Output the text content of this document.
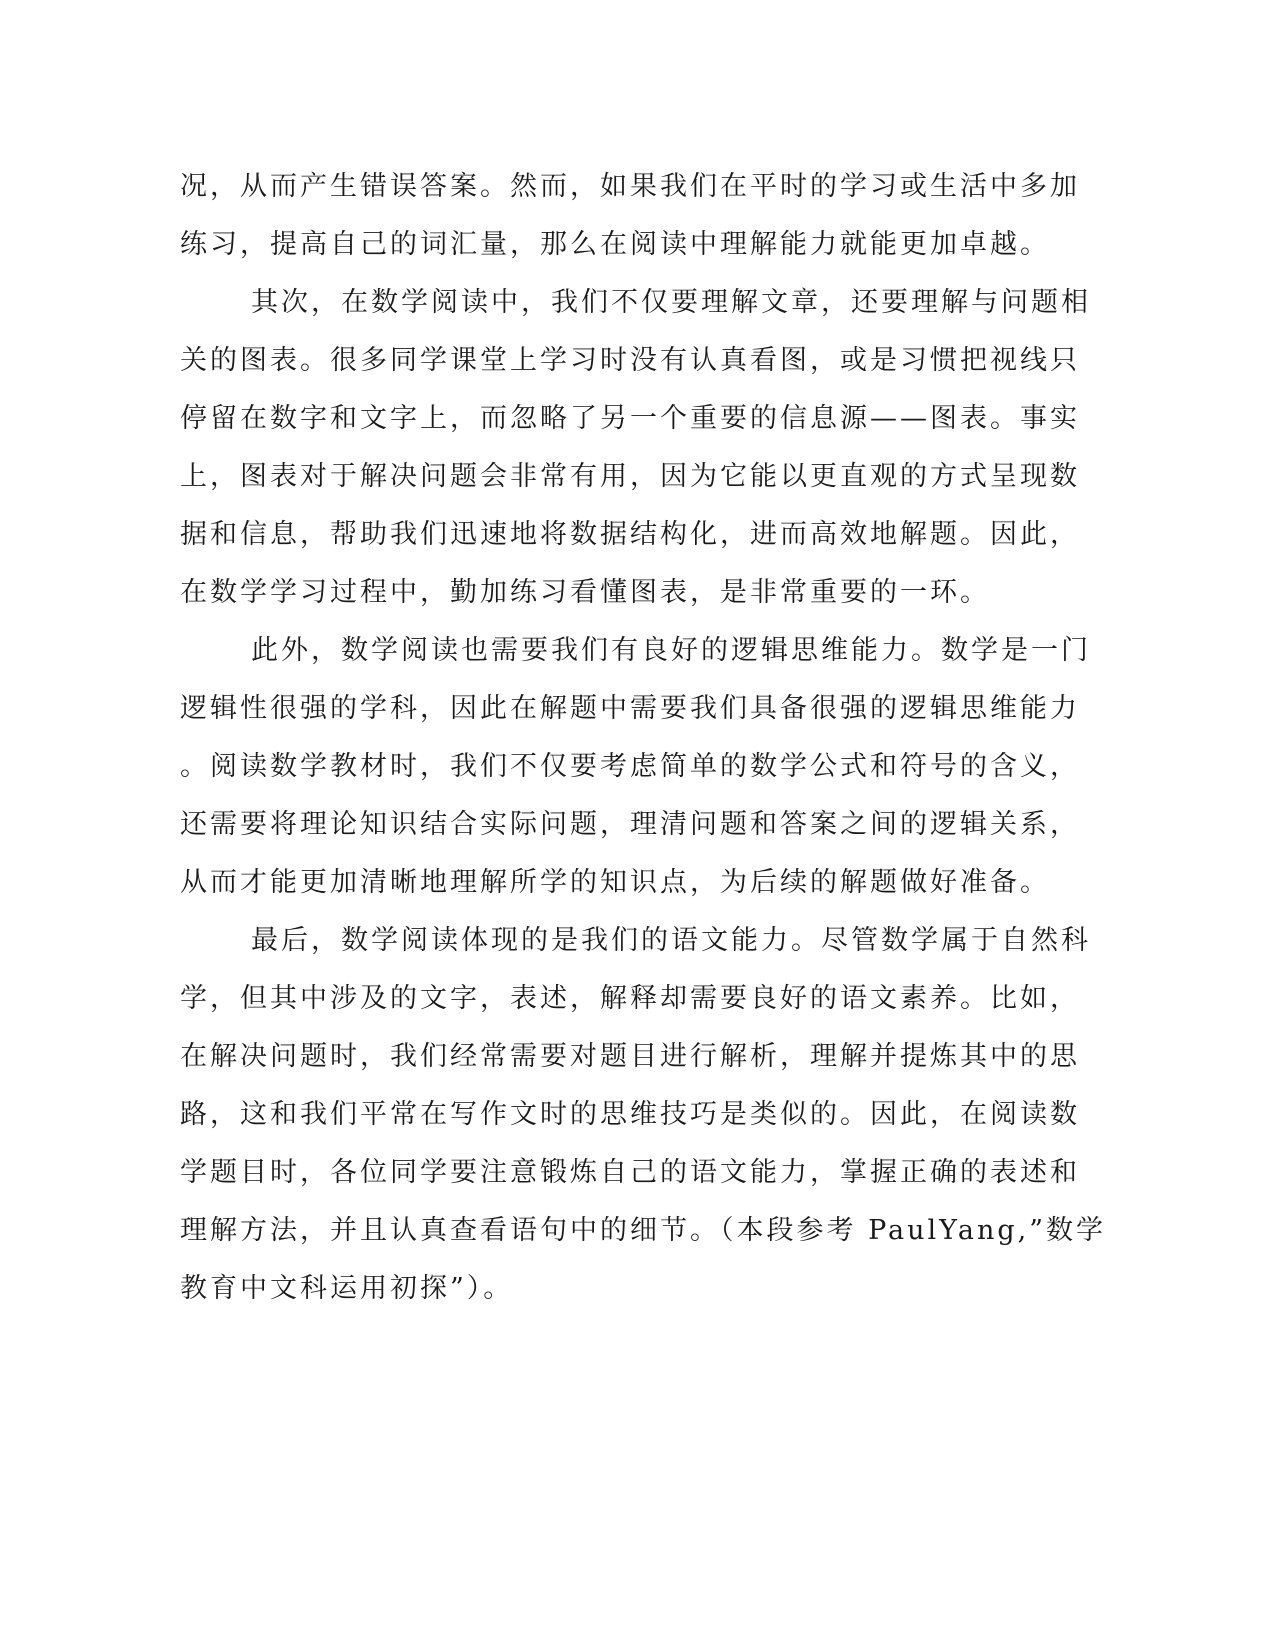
况，从而产生错误答案。然而，如果我们在平时的学习或生活中多加
练习，提高自己的词汇量，那么在阅读中理解能力就能更加卓越。
其次，在数学阅读中，我们不仅要理解文章，还要理解与问题相
关的图表。很多同学课堂上学习时没有认真看图，或是习惯把视线只
停留在数字和文字上，而忽略了另一个重要的信息源——图表。事实
上，图表对于解决问题会非常有用，因为它能以更直观的方式呈现数
据和信息，帮助我们迅速地将数据结构化，进而高效地解题。因此，
在数学学习过程中，勤加练习看懂图表，是非常重要的一环。
此外，数学阅读也需要我们有良好的逻辑思维能力。数学是一门
逻辑性很强的学科，因此在解题中需要我们具备很强的逻辑思维能力
。阅读数学教材时，我们不仅要考虑简单的数学公式和符号的含义，
还需要将理论知识结合实际问题，理清问题和答案之间的逻辑关系，
从而才能更加清晰地理解所学的知识点，为后续的解题做好准备。
最后，数学阅读体现的是我们的语文能力。尽管数学属于自然科
学，但其中涉及的文字，表述，解释却需要良好的语文素养。比如，
在解决问题时，我们经常需要对题目进行解析，理解并提炼其中的思
路，这和我们平常在写作文时的思维技巧是类似的。因此，在阅读数
学题目时，各位同学要注意锻炼自己的语文能力，掌握正确的表述和
理解方法，并且认真查看语句中的细节。（本段参考 PaulYang,”数学
教育中文科运用初探”）。
